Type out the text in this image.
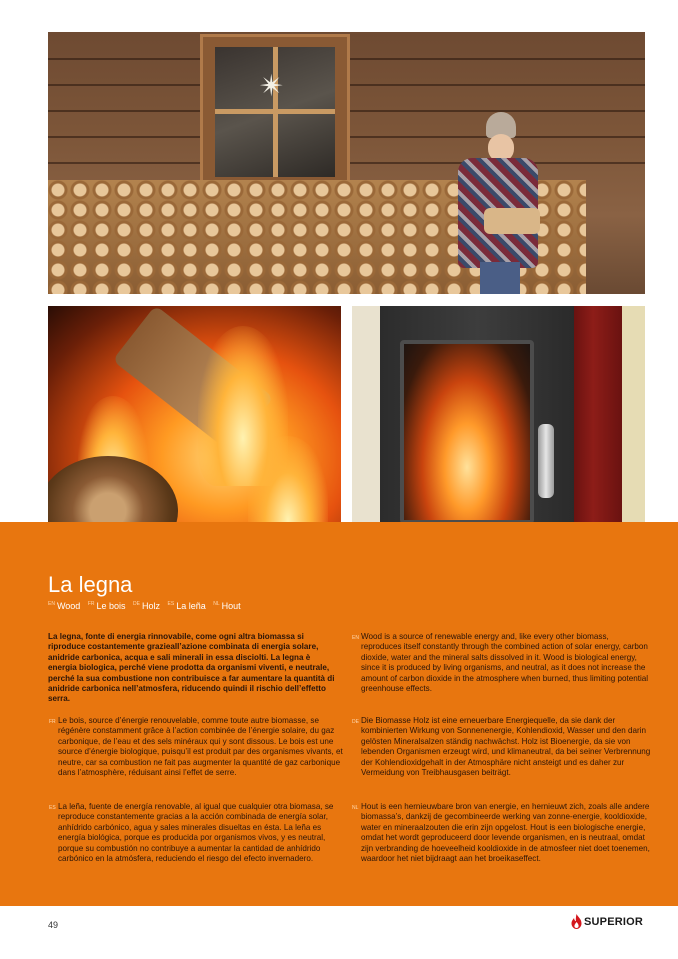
✴
La legna
$^{EN}$ Wood $^{FR}$ Le bois $^{DE}$ Holz $^{ES}$ La leña $^{NL}$ Hout

La legna, fonte di energia rinnovabile, come ogni altra biomassa si riproduce costantemente grazieall’azione combinata di energia solare, anidride carbonica, acqua e sali minerali in essa disciolti. La legna è energia biologica, perché viene prodotta da organismi viventi, e neutrale, perché la sua combustione non contribuisce a far aumentare la quantità di anidride carbonica nell’atmosfera, riducendo quindi il rischio dell’effetto serra.

EN Wood is a source of renewable energy and, like every other biomass, reproduces itself constantly through the combined action of solar energy, carbon dioxide, water and the mineral salts dissolved in it. Wood is biological energy, since it is produced by living organisms, and neutral, as it does not increase the amount of carbon dioxide in the atmosphere when burned, thus limiting potential greenhouse effects.
FR Le bois, source d’énergie renouvelable, comme toute autre biomasse, se régénère constamment grâce à l’action combinée de l’énergie solaire, du gaz carbonique, de l’eau et des sels minéraux qui y sont dissous. Le bois est une source d’énergie biologique, puisqu’il est produit par des organismes vivants, et neutre, car sa combustion ne fait pas augmenter la quantité de gaz carbonique dans l’atmosphère, réduisant ainsi l’effet de serre.
DE Die Biomasse Holz ist eine erneuerbare Energiequelle, da sie dank der kombinierten Wirkung von Sonnenenergie, Kohlendioxid, Wasser und den darin gelösten Mineralsalzen ständig nachwächst. Holz ist Bioenergie, da sie von lebenden Organismen erzeugt wird, und klimaneutral, da bei seiner Verbrennung der Kohlendioxidgehalt in der Atmosphäre nicht ansteigt und es daher zur Vermeidung von Treibhausgasen beiträgt.
ES La leña, fuente de energía renovable, al igual que cualquier otra biomasa, se reproduce constantemente gracias a la acción combinada de energía solar, anhídrido carbónico, agua y sales minerales disueltas en ésta. La leña es energía biológica, porque es producida por organismos vivos, y es neutral, porque su combustión no contribuye a aumentar la cantidad de anhídrido carbónico en la atmósfera, reduciendo el riesgo del efecto invernadero.
NL Hout is een hernieuwbare bron van energie, en hernieuwt zich, zoals alle andere biomassa’s, dankzij de gecombineerde werking van zonne-energie, kooldioxide, water en mineraalzouten die erin zijn opgelost. Hout is een biologische energie, omdat het wordt geproduceerd door levende organismen, en is neutraal, omdat zijn verbranding de hoeveelheid kooldioxide in de atmosfeer niet doet toenemen, waardoor het niet bijdraagt aan het broeikaseffect.
49	SUPERIOR
